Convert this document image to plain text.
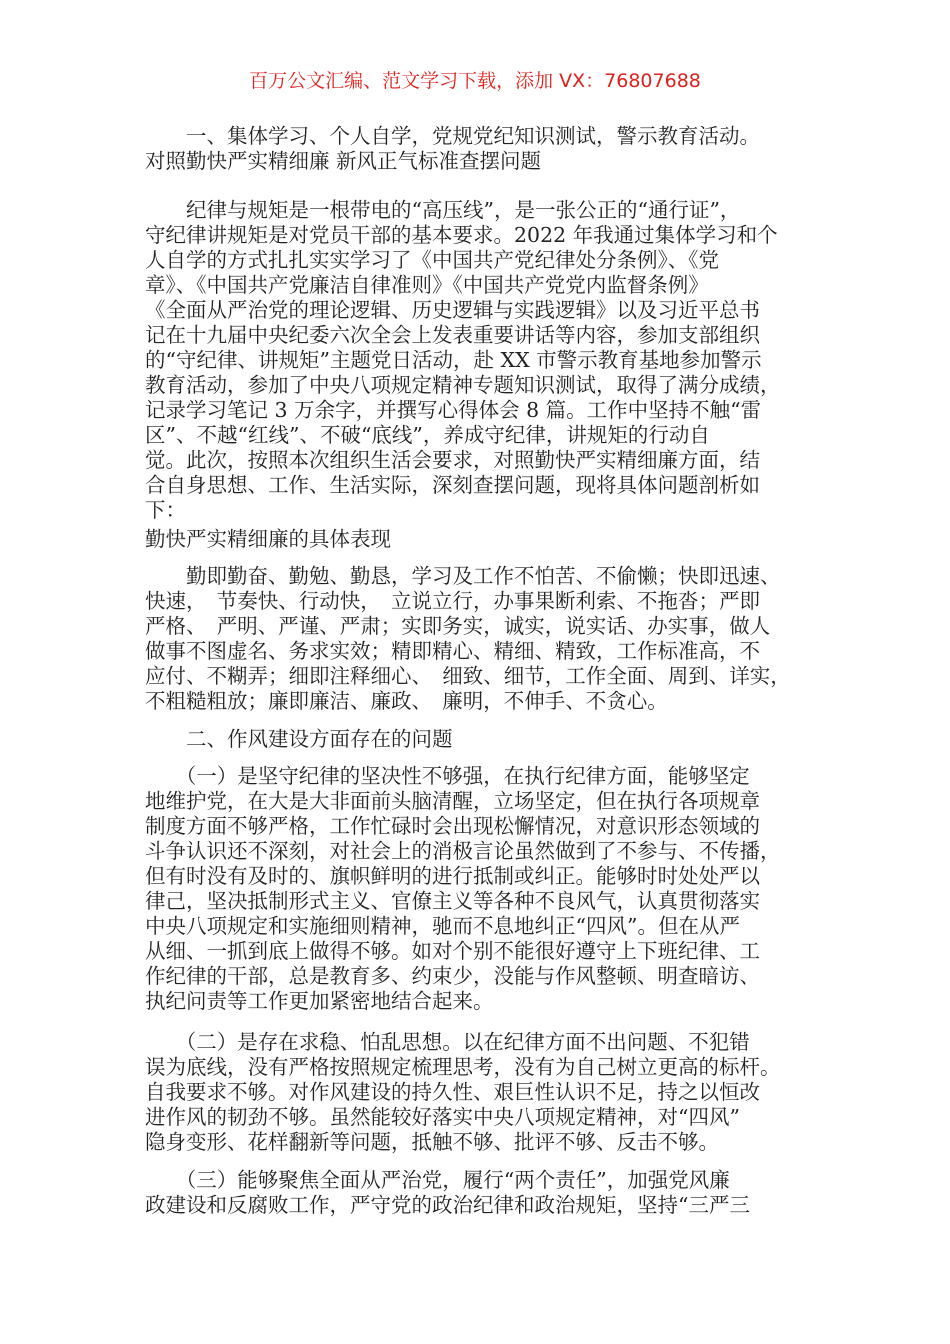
百万公文汇编、范文学习下载，添加 VX：76807688
　　一、集体学习、个人自学，党规党纪知识测试，警示教育活动。
对照勤快严实精细廉 新风正气标准查摆问题
　　纪律与规矩是一根带电的“高压线”，是一张公正的“通行证”，
守纪律讲规矩是对党员干部的基本要求。2022 年我通过集体学习和个
人自学的方式扎扎实实学习了《中国共产党纪律处分条例》、《党
章》、《中国共产党廉洁自律准则》《中国共产党党内监督条例》
《全面从严治党的理论逻辑、历史逻辑与实践逻辑》以及习近平总书
记在十九届中央纪委六次全会上发表重要讲话等内容，参加支部组织
的“守纪律、讲规矩”主题党日活动，赴 XX 市警示教育基地参加警示
教育活动，参加了中央八项规定精神专题知识测试，取得了满分成绩，
记录学习笔记 3 万余字，并撰写心得体会 8 篇。工作中坚持不触“雷
区”、不越“红线”、不破“底线”，养成守纪律，讲规矩的行动自
觉。此次，按照本次组织生活会要求，对照勤快严实精细廉方面，结
合自身思想、工作、生活实际，深刻查摆问题，现将具体问题剖析如
下：
勤快严实精细廉的具体表现
　　勤即勤奋、勤勉、勤恳，学习及工作不怕苦、不偷懒；快即迅速、
快速，　节奏快、行动快，　立说立行，办事果断利索、不拖沓；严即
严格、　严明、严谨、严肃；实即务实，诚实，说实话、办实事，做人
做事不图虚名、务求实效；精即精心、精细、精致，工作标准高，不
应付、不糊弄；细即注释细心、　细致、细节，工作全面、周到、详实，
不粗糙粗放；廉即廉洁、廉政、　廉明，不伸手、不贪心。
　　二、作风建设方面存在的问题
　　（一）是坚守纪律的坚决性不够强，在执行纪律方面，能够坚定
地维护党，在大是大非面前头脑清醒，立场坚定，但在执行各项规章
制度方面不够严格，工作忙碌时会出现松懈情况，对意识形态领域的
斗争认识还不深刻，对社会上的消极言论虽然做到了不参与、不传播，
但有时没有及时的、旗帜鲜明的进行抵制或纠正。能够时时处处严以
律己，坚决抵制形式主义、官僚主义等各种不良风气，认真贯彻落实
中央八项规定和实施细则精神，驰而不息地纠正“四风”。但在从严
从细、一抓到底上做得不够。如对个别不能很好遵守上下班纪律、工
作纪律的干部，总是教育多、约束少，没能与作风整顿、明查暗访、
执纪问责等工作更加紧密地结合起来。
　　（二）是存在求稳、怕乱思想。以在纪律方面不出问题、不犯错
误为底线，没有严格按照规定梳理思考，没有为自己树立更高的标杆。
自我要求不够。对作风建设的持久性、艰巨性认识不足，持之以恒改
进作风的韧劲不够。虽然能较好落实中央八项规定精神，对“四风”
隐身变形、花样翻新等问题，抵触不够、批评不够、反击不够。
　　（三）能够聚焦全面从严治党，履行“两个责任”，加强党风廉
政建设和反腐败工作，严守党的政治纪律和政治规矩，坚持“三严三
